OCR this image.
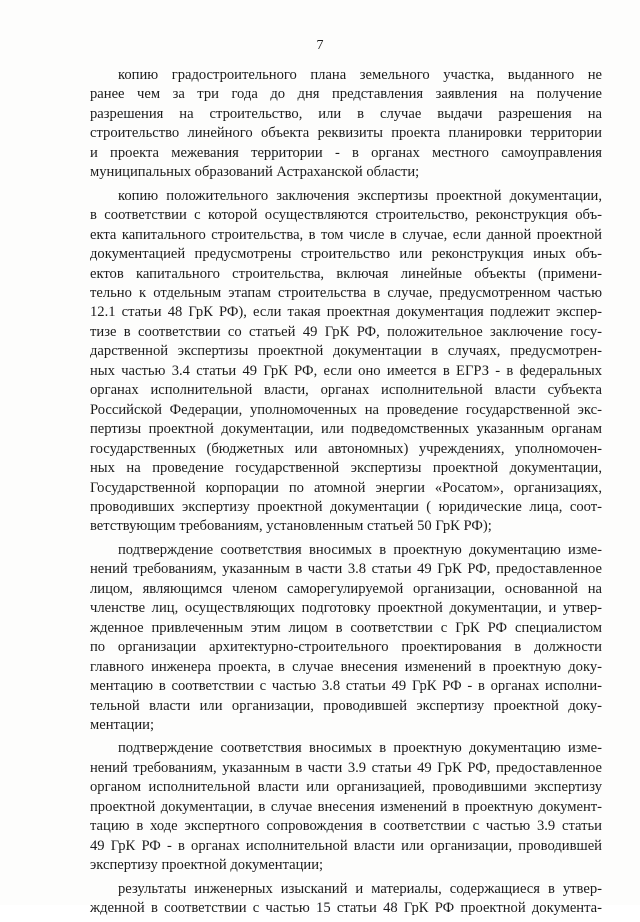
7
копию градостроительного плана земельного участка, выданного не
ранее чем за три года до дня представления заявления на получение
разрешения на строительство, или в случае выдачи разрешения на
строительство линейного объекта реквизиты проекта планировки территории
и проекта межевания территории - в органах местного самоуправления
муниципальных образований Астраханской области;
копию положительного заключения экспертизы проектной документации,
в соответствии с которой осуществляются строительство, реконструкция объ-
екта капитального строительства, в том числе в случае, если данной проектной
документацией предусмотрены строительство или реконструкция иных объ-
ектов капитального строительства, включая линейные объекты (примени-
тельно к отдельным этапам строительства в случае, предусмотренном частью
12.1 статьи 48 ГрК РФ), если такая проектная документация подлежит экспер-
тизе в соответствии со статьей 49 ГрК РФ, положительное заключение госу-
дарственной экспертизы проектной документации в случаях, предусмотрен-
ных частью 3.4 статьи 49 ГрК РФ, если оно имеется в ЕГРЗ - в федеральных
органах исполнительной власти, органах исполнительной власти субъекта
Российской Федерации, уполномоченных на проведение государственной экс-
пертизы проектной документации, или подведомственных указанным органам
государственных (бюджетных или автономных) учреждениях, уполномочен-
ных на проведение государственной экспертизы проектной документации,
Государственной корпорации по атомной энергии «Росатом», организациях,
проводивших экспертизу проектной документации ( юридические лица, соот-
ветствующим требованиям, установленным статьей 50 ГрК РФ);
подтверждение соответствия вносимых в проектную документацию изме-
нений требованиям, указанным в части 3.8 статьи 49 ГрК РФ, предоставленное
лицом, являющимся членом саморегулируемой организации, основанной на
членстве лиц, осуществляющих подготовку проектной документации, и утвер-
жденное привлеченным этим лицом в соответствии с ГрК РФ специалистом
по организации архитектурно-строительного проектирования в должности
главного инженера проекта, в случае внесения изменений в проектную доку-
ментацию в соответствии с частью 3.8 статьи 49 ГрК РФ - в органах исполни-
тельной власти или организации, проводившей экспертизу проектной доку-
ментации;
подтверждение соответствия вносимых в проектную документацию изме-
нений требованиям, указанным в части 3.9 статьи 49 ГрК РФ, предоставленное
органом исполнительной власти или организацией, проводившими экспертизу
проектной документации, в случае внесения изменений в проектную документ-
тацию в ходе экспертного сопровождения в соответствии с частью 3.9 статьи
49 ГрК РФ - в органах исполнительной власти или организации, проводившей
экспертизу проектной документации;
результаты инженерных изысканий и материалы, содержащиеся в утвер-
жденной в соответствии с частью 15 статьи 48 ГрК РФ проектной документа-
